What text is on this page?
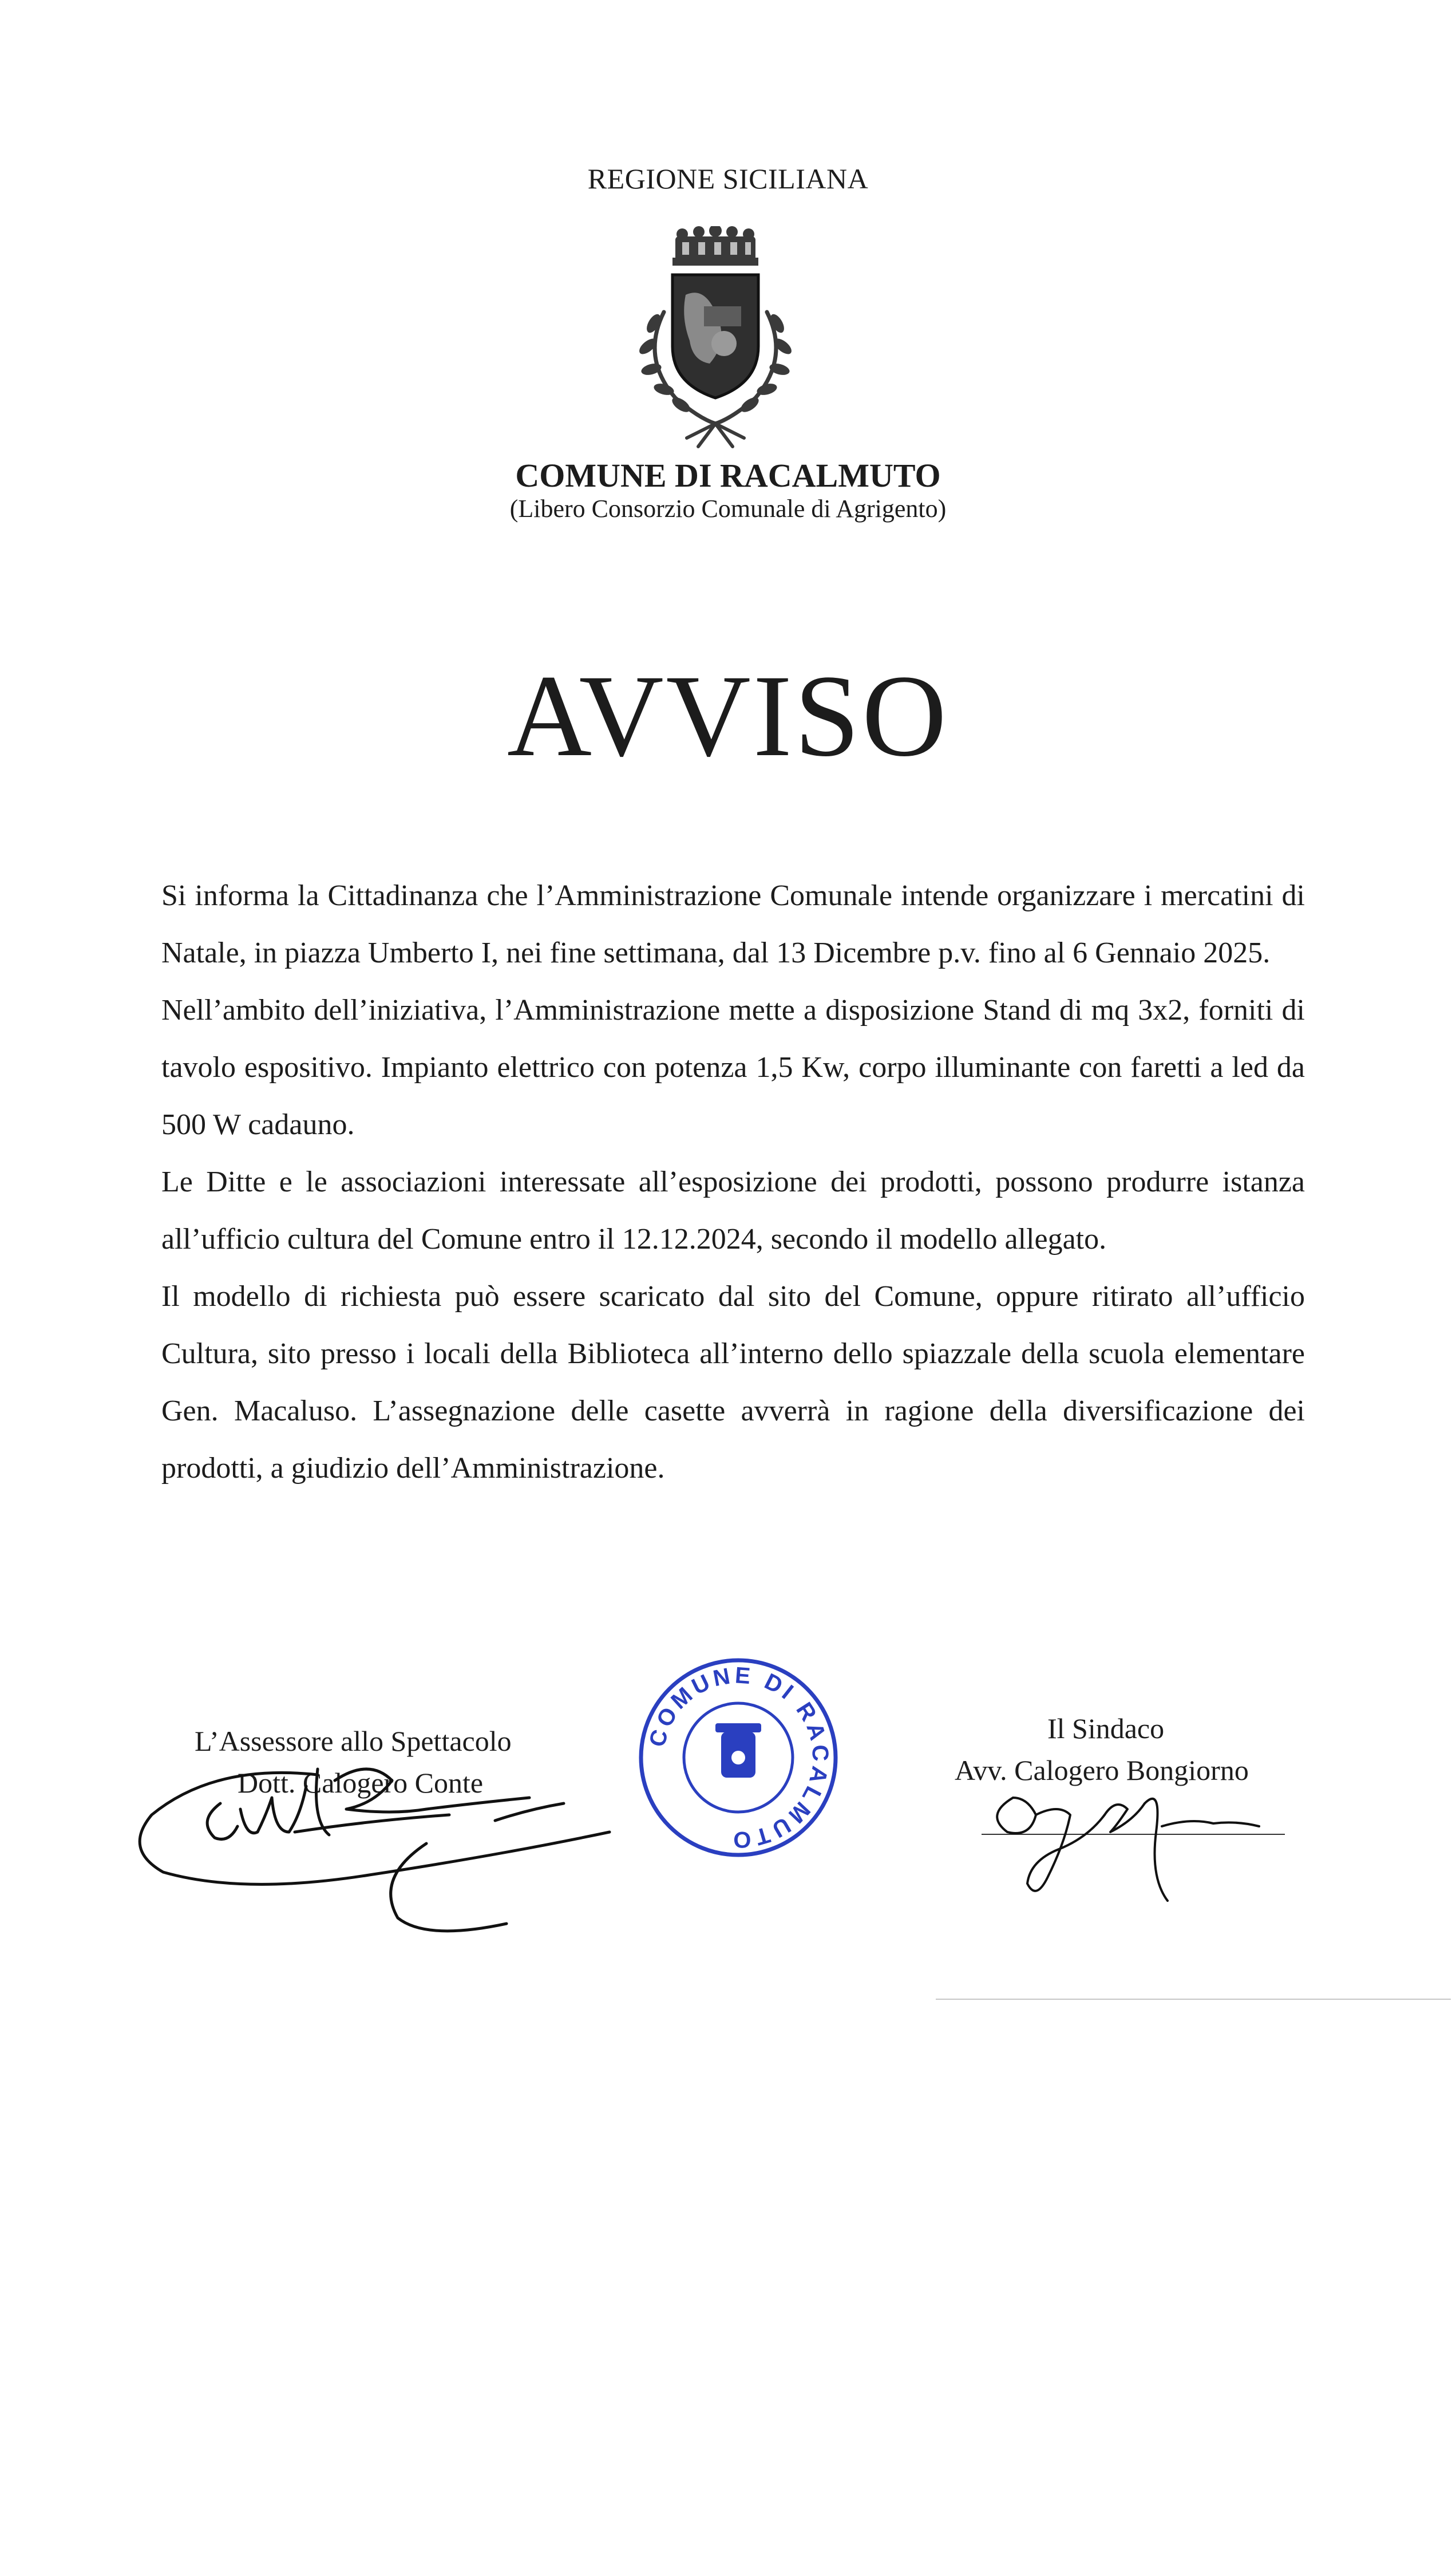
REGIONE SICILIANA
COMUNE DI RACALMUTO
(Libero Consorzio Comunale di Agrigento)
AVVISO

Si informa la Cittadinanza che l’Amministrazione Comunale intende organizzare i mercatini di Natale, in piazza Umberto I, nei fine settimana, dal 13 Dicembre p.v. fino al 6 Gennaio 2025.

Nell’ambito dell’iniziativa, l’Amministrazione mette a disposizione Stand di mq 3x2, forniti di tavolo espositivo. Impianto elettrico con potenza 1,5 Kw, corpo illuminante con faretti a led da 500 W cadauno.

Le Ditte e le associazioni interessate all’esposizione dei prodotti, possono produrre istanza all’ufficio cultura del Comune entro il 12.12.2024, secondo il modello allegato.

Il modello di richiesta può essere scaricato dal sito del Comune, oppure ritirato all’ufficio Cultura, sito presso i locali della Biblioteca all’interno dello spiazzale della scuola elementare Gen. Macaluso. L’assegnazione delle casette avverrà in ragione della diversificazione dei prodotti, a giudizio dell’Amministrazione.

L’Assessore allo Spettacolo
Dott. Calogero Conte
COMUNE DI RACALMUTO
Il Sindaco
Avv. Calogero Bongiorno
